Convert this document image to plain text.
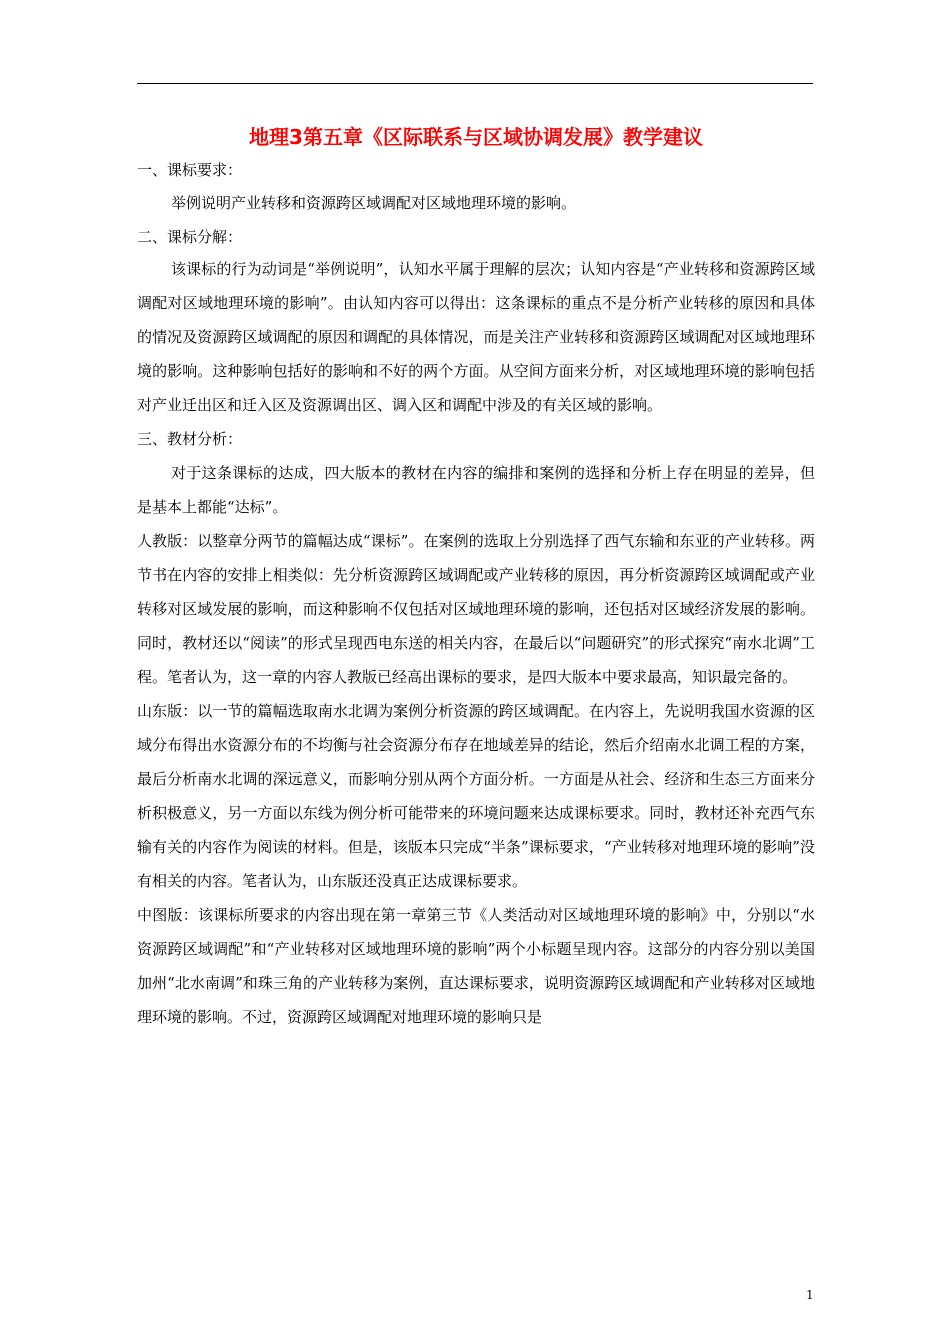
地理3第五章《区际联系与区域协调发展》教学建议

一、课标要求：

举例说明产业转移和资源跨区域调配对区域地理环境的影响。

二、课标分解：

该课标的行为动词是“举例说明”，认知水平属于理解的层次；认知内容是“产业转移和资源跨区域调配对区域地理环境的影响”。由认知内容可以得出：这条课标的重点不是分析产业转移的原因和具体的情况及资源跨区域调配的原因和调配的具体情况，而是关注产业转移和资源跨区域调配对区域地理环境的影响。这种影响包括好的影响和不好的两个方面。从空间方面来分析，对区域地理环境的影响包括对产业迁出区和迁入区及资源调出区、调入区和调配中涉及的有关区域的影响。

三、教材分析：

对于这条课标的达成，四大版本的教材在内容的编排和案例的选择和分析上存在明显的差异，但是基本上都能“达标”。

人教版：以整章分两节的篇幅达成“课标”。在案例的选取上分别选择了西气东输和东亚的产业转移。两节书在内容的安排上相类似：先分析资源跨区域调配或产业转移的原因，再分析资源跨区域调配或产业转移对区域发展的影响，而这种影响不仅包括对区域地理环境的影响，还包括对区域经济发展的影响。同时，教材还以“阅读”的形式呈现西电东送的相关内容，在最后以“问题研究”的形式探究“南水北调”工程。笔者认为，这一章的内容人教版已经高出课标的要求，是四大版本中要求最高，知识最完备的。

山东版：以一节的篇幅选取南水北调为案例分析资源的跨区域调配。在内容上，先说明我国水资源的区域分布得出水资源分布的不均衡与社会资源分布存在地域差异的结论，然后介绍南水北调工程的方案，最后分析南水北调的深远意义，而影响分别从两个方面分析。一方面是从社会、经济和生态三方面来分析积极意义，另一方面以东线为例分析可能带来的环境问题来达成课标要求。同时，教材还补充西气东输有关的内容作为阅读的材料。但是，该版本只完成“半条”课标要求，“产业转移对地理环境的影响”没有相关的内容。笔者认为，山东版还没真正达成课标要求。

中图版：该课标所要求的内容出现在第一章第三节《人类活动对区域地理环境的影响》中，分别以“水资源跨区域调配”和“产业转移对区域地理环境的影响”两个小标题呈现内容。这部分的内容分别以美国加州“北水南调”和珠三角的产业转移为案例，直达课标要求，说明资源跨区域调配和产业转移对区域地理环境的影响。不过，资源跨区域调配对地理环境的影响只是

1
